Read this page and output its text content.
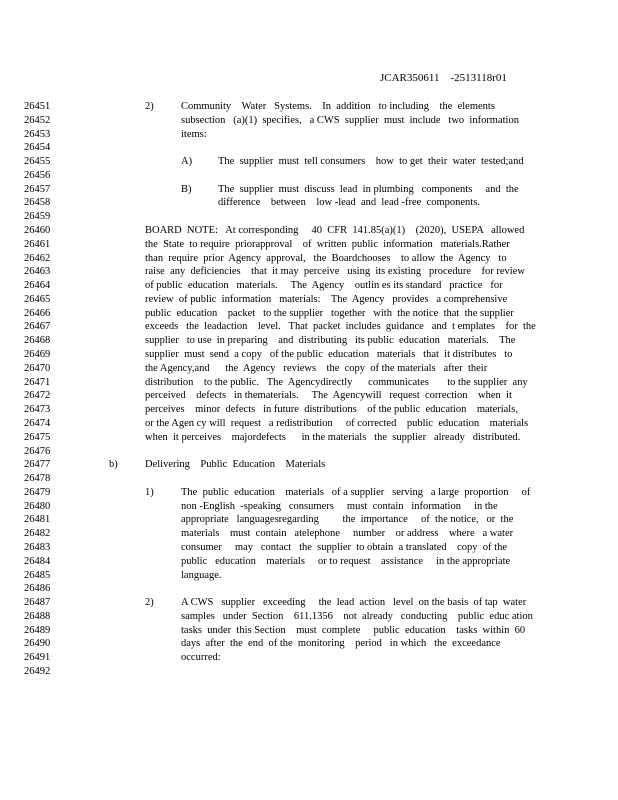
JCAR350611    -2513118r01
26451	2)	Community    Water   Systems.    In  addition   to including    the  elements
26452	subsection   (a)(1)  specifies,   a CWS  supplier  must  include   two  information
26453	items:
26454
26455	A) The  supplier  must  tell consumers    how  to get  their  water  tested;and
26456
26457	B)	The  supplier  must  discuss  lead  in plumbing   components     and  the
26458	difference    between    low -lead  and  lead -free  components.
26459
26460	BOARD  NOTE:   At corresponding     40  CFR  141.85(a)(1)    (2020),  USEPA   allowed
26461	the  State  to require  priorapproval    of  written  public  information   materials.Rather
26462	than  require  prior  Agency  approval,   the  Boardchooses    to allow  the  Agency   to
26463	raise  any  deficiencies    that  it may  perceive   using  its existing   procedure    for review
26464	of public  education   materials.     The  Agency    outlin es its standard   practice   for
26465	review  of public  information   materials:    The  Agency   provides   a comprehensive
26466	public  education    packet   to the supplier   together   with  the notice  that  the supplier
26467	exceeds   the  leadaction    level.   That  packet  includes  guidance   and  t emplates    for  the
26468	supplier   to use  in preparing    and  distributing   its public  education   materials.    The
26469	supplier  must  send  a copy   of the public  education   materials   that  it distributes   to
26470	the Agency,and      the  Agency   reviews    the  copy  of the materials   after  their
26471	distribution    to the public.   The  Agencydirectly      communicates       to the supplier  any
26472	perceived    defects   in thematerials.     The  Agencywill   request  correction    when  it
26473	perceives    minor  defects   in future  distributions    of the public  education    materials,
26474	or the Agen cy will  request   a redistribution     of corrected    public  education    materials
26475	when  it perceives    majordefects      in the materials   the  supplier   already   distributed.
26476
26477	b)	Delivering    Public  Education    Materials
26478
26479	1)	The  public  education    materials   of a supplier   serving   a large  proportion     of
26480	non -English  -speaking   consumers     must  contain   information     in the
26481	appropriate   languagesregarding         the  importance     of  the notice,   or  the
26482	materials    must  contain   atelephone     number    or address    where   a water
26483	consumer     may   contact   the  supplier  to obtain  a translated    copy  of the
26484	public   education    materials     or to request    assistance     in the appropriate
26485	language.
26486
26487	2)	A CWS   supplier   exceeding     the  lead  action   level  on the basis  of tap  water
26488	samples   under  Section    611.1356    not  already   conducting    public  educ ation
26489	tasks  under  this Section    must  complete     public  education    tasks  within  60
26490	days  after  the  end  of the  monitoring    period   in which   the  exceedance
26491	occurred:
26492
